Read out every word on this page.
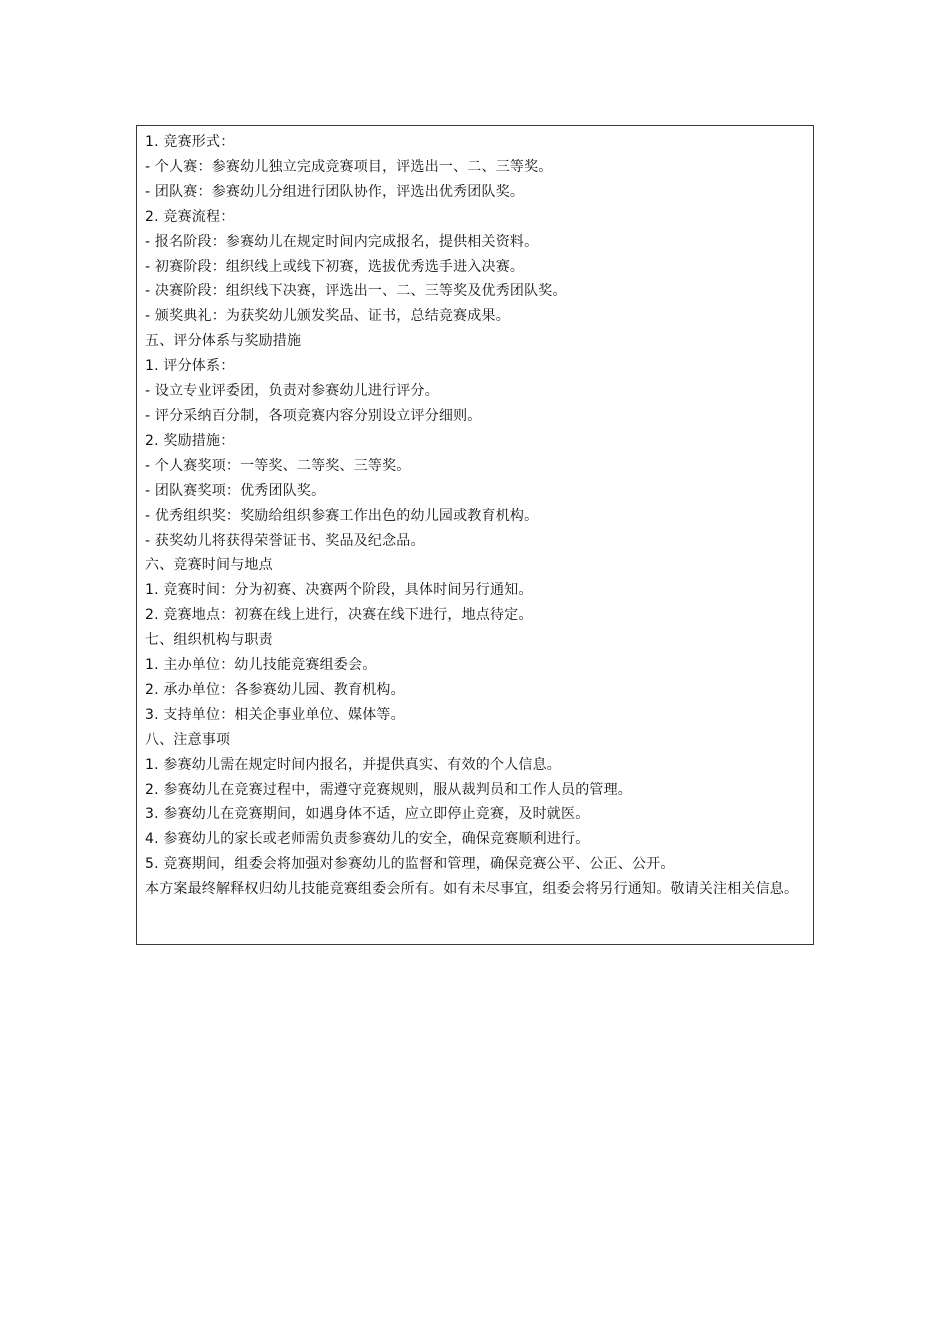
1. 竞赛形式：
- 个人赛：参赛幼儿独立完成竞赛项目，评选出一、二、三等奖。
- 团队赛：参赛幼儿分组进行团队协作，评选出优秀团队奖。
2. 竞赛流程：
- 报名阶段：参赛幼儿在规定时间内完成报名，提供相关资料。
- 初赛阶段：组织线上或线下初赛，选拔优秀选手进入决赛。
- 决赛阶段：组织线下决赛，评选出一、二、三等奖及优秀团队奖。
- 颁奖典礼：为获奖幼儿颁发奖品、证书，总结竞赛成果。
五、评分体系与奖励措施
1. 评分体系：
- 设立专业评委团，负责对参赛幼儿进行评分。
- 评分采纳百分制，各项竞赛内容分别设立评分细则。
2. 奖励措施：
- 个人赛奖项：一等奖、二等奖、三等奖。
- 团队赛奖项：优秀团队奖。
- 优秀组织奖：奖励给组织参赛工作出色的幼儿园或教育机构。
- 获奖幼儿将获得荣誉证书、奖品及纪念品。
六、竞赛时间与地点
1. 竞赛时间：分为初赛、决赛两个阶段，具体时间另行通知。
2. 竞赛地点：初赛在线上进行，决赛在线下进行，地点待定。
七、组织机构与职责
1. 主办单位：幼儿技能竞赛组委会。
2. 承办单位：各参赛幼儿园、教育机构。
3. 支持单位：相关企事业单位、媒体等。
八、注意事项
1. 参赛幼儿需在规定时间内报名，并提供真实、有效的个人信息。
2. 参赛幼儿在竞赛过程中，需遵守竞赛规则，服从裁判员和工作人员的管理。
3. 参赛幼儿在竞赛期间，如遇身体不适，应立即停止竞赛，及时就医。
4. 参赛幼儿的家长或老师需负责参赛幼儿的安全，确保竞赛顺利进行。
5. 竞赛期间，组委会将加强对参赛幼儿的监督和管理，确保竞赛公平、公正、公开。
本方案最终解释权归幼儿技能竞赛组委会所有。如有未尽事宜，组委会将另行通知。敬请关注相关信息。
